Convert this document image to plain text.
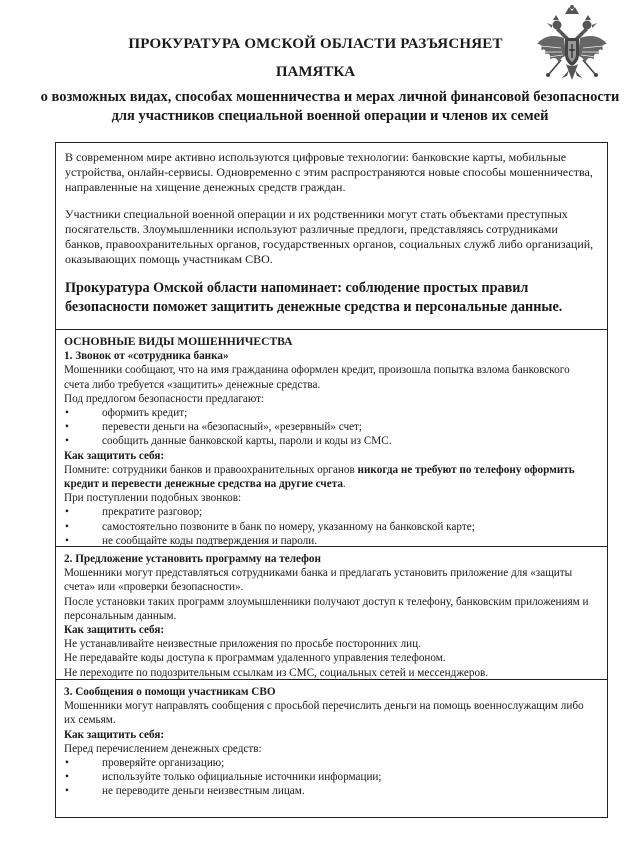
ПРОКУРАТУРА ОМСКОЙ ОБЛАСТИ РАЗЪЯСНЯЕТ
ПАМЯТКА
о возможных видах, способах мошенничества и мерах личной финансовой безопасности для участников специальной военной операции и членов их семей

В современном мире активно используются цифровые технологии: банковские карты, мобильные устройства, онлайн-сервисы. Одновременно с этим распространяются новые способы мошенничества, направленные на хищение денежных средств граждан.

Участники специальной военной операции и их родственники могут стать объектами преступных посягательств. Злоумышленники используют различные предлоги, представляясь сотрудниками банков, правоохранительных органов, государственных органов, социальных служб либо организаций, оказывающих помощь участникам СВО.

Прокуратура Омской области напоминает: соблюдение простых правил безопасности поможет защитить денежные средства и персональные данные.

ОСНОВНЫЕ ВИДЫ МОШЕННИЧЕСТВА

1. Звонок от «сотрудника банка»

Мошенники сообщают, что на имя гражданина оформлен кредит, произошла попытка взлома банковского счета либо требуется «защитить» денежные средства.

Под предлогом безопасности предлагают:

•	оформить кредит;
•	перевести деньги на «безопасный», «резервный» счет;
•	сообщить данные банковской карты, пароли и коды из СМС.

Как защитить себя:

Помните: сотрудники банков и правоохранительных органов никогда не требуют по телефону оформить кредит и перевести денежные средства на другие счета.

При поступлении подобных звонков:

•	прекратите разговор;
•	самостоятельно позвоните в банк по номеру, указанному на банковской карте;
•	не сообщайте коды подтверждения и пароли.

2. Предложение установить программу на телефон

Мошенники могут представляться сотрудниками банка и предлагать установить приложение для «защиты счета» или «проверки безопасности».

После установки таких программ злоумышленники получают доступ к телефону, банковским приложениям и персональным данным.

Как защитить себя:

Не устанавливайте неизвестные приложения по просьбе посторонних лиц.

Не передавайте коды доступа к программам удаленного управления телефоном.

Не переходите по подозрительным ссылкам из СМС, социальных сетей и мессенджеров.

3. Сообщения о помощи участникам СВО

Мошенники могут направлять сообщения с просьбой перечислить деньги на помощь военнослужащим либо их семьям.

Как защитить себя:

Перед перечислением денежных средств:

•	проверяйте организацию;
•	используйте только официальные источники информации;
•	не переводите деньги неизвестным лицам.
